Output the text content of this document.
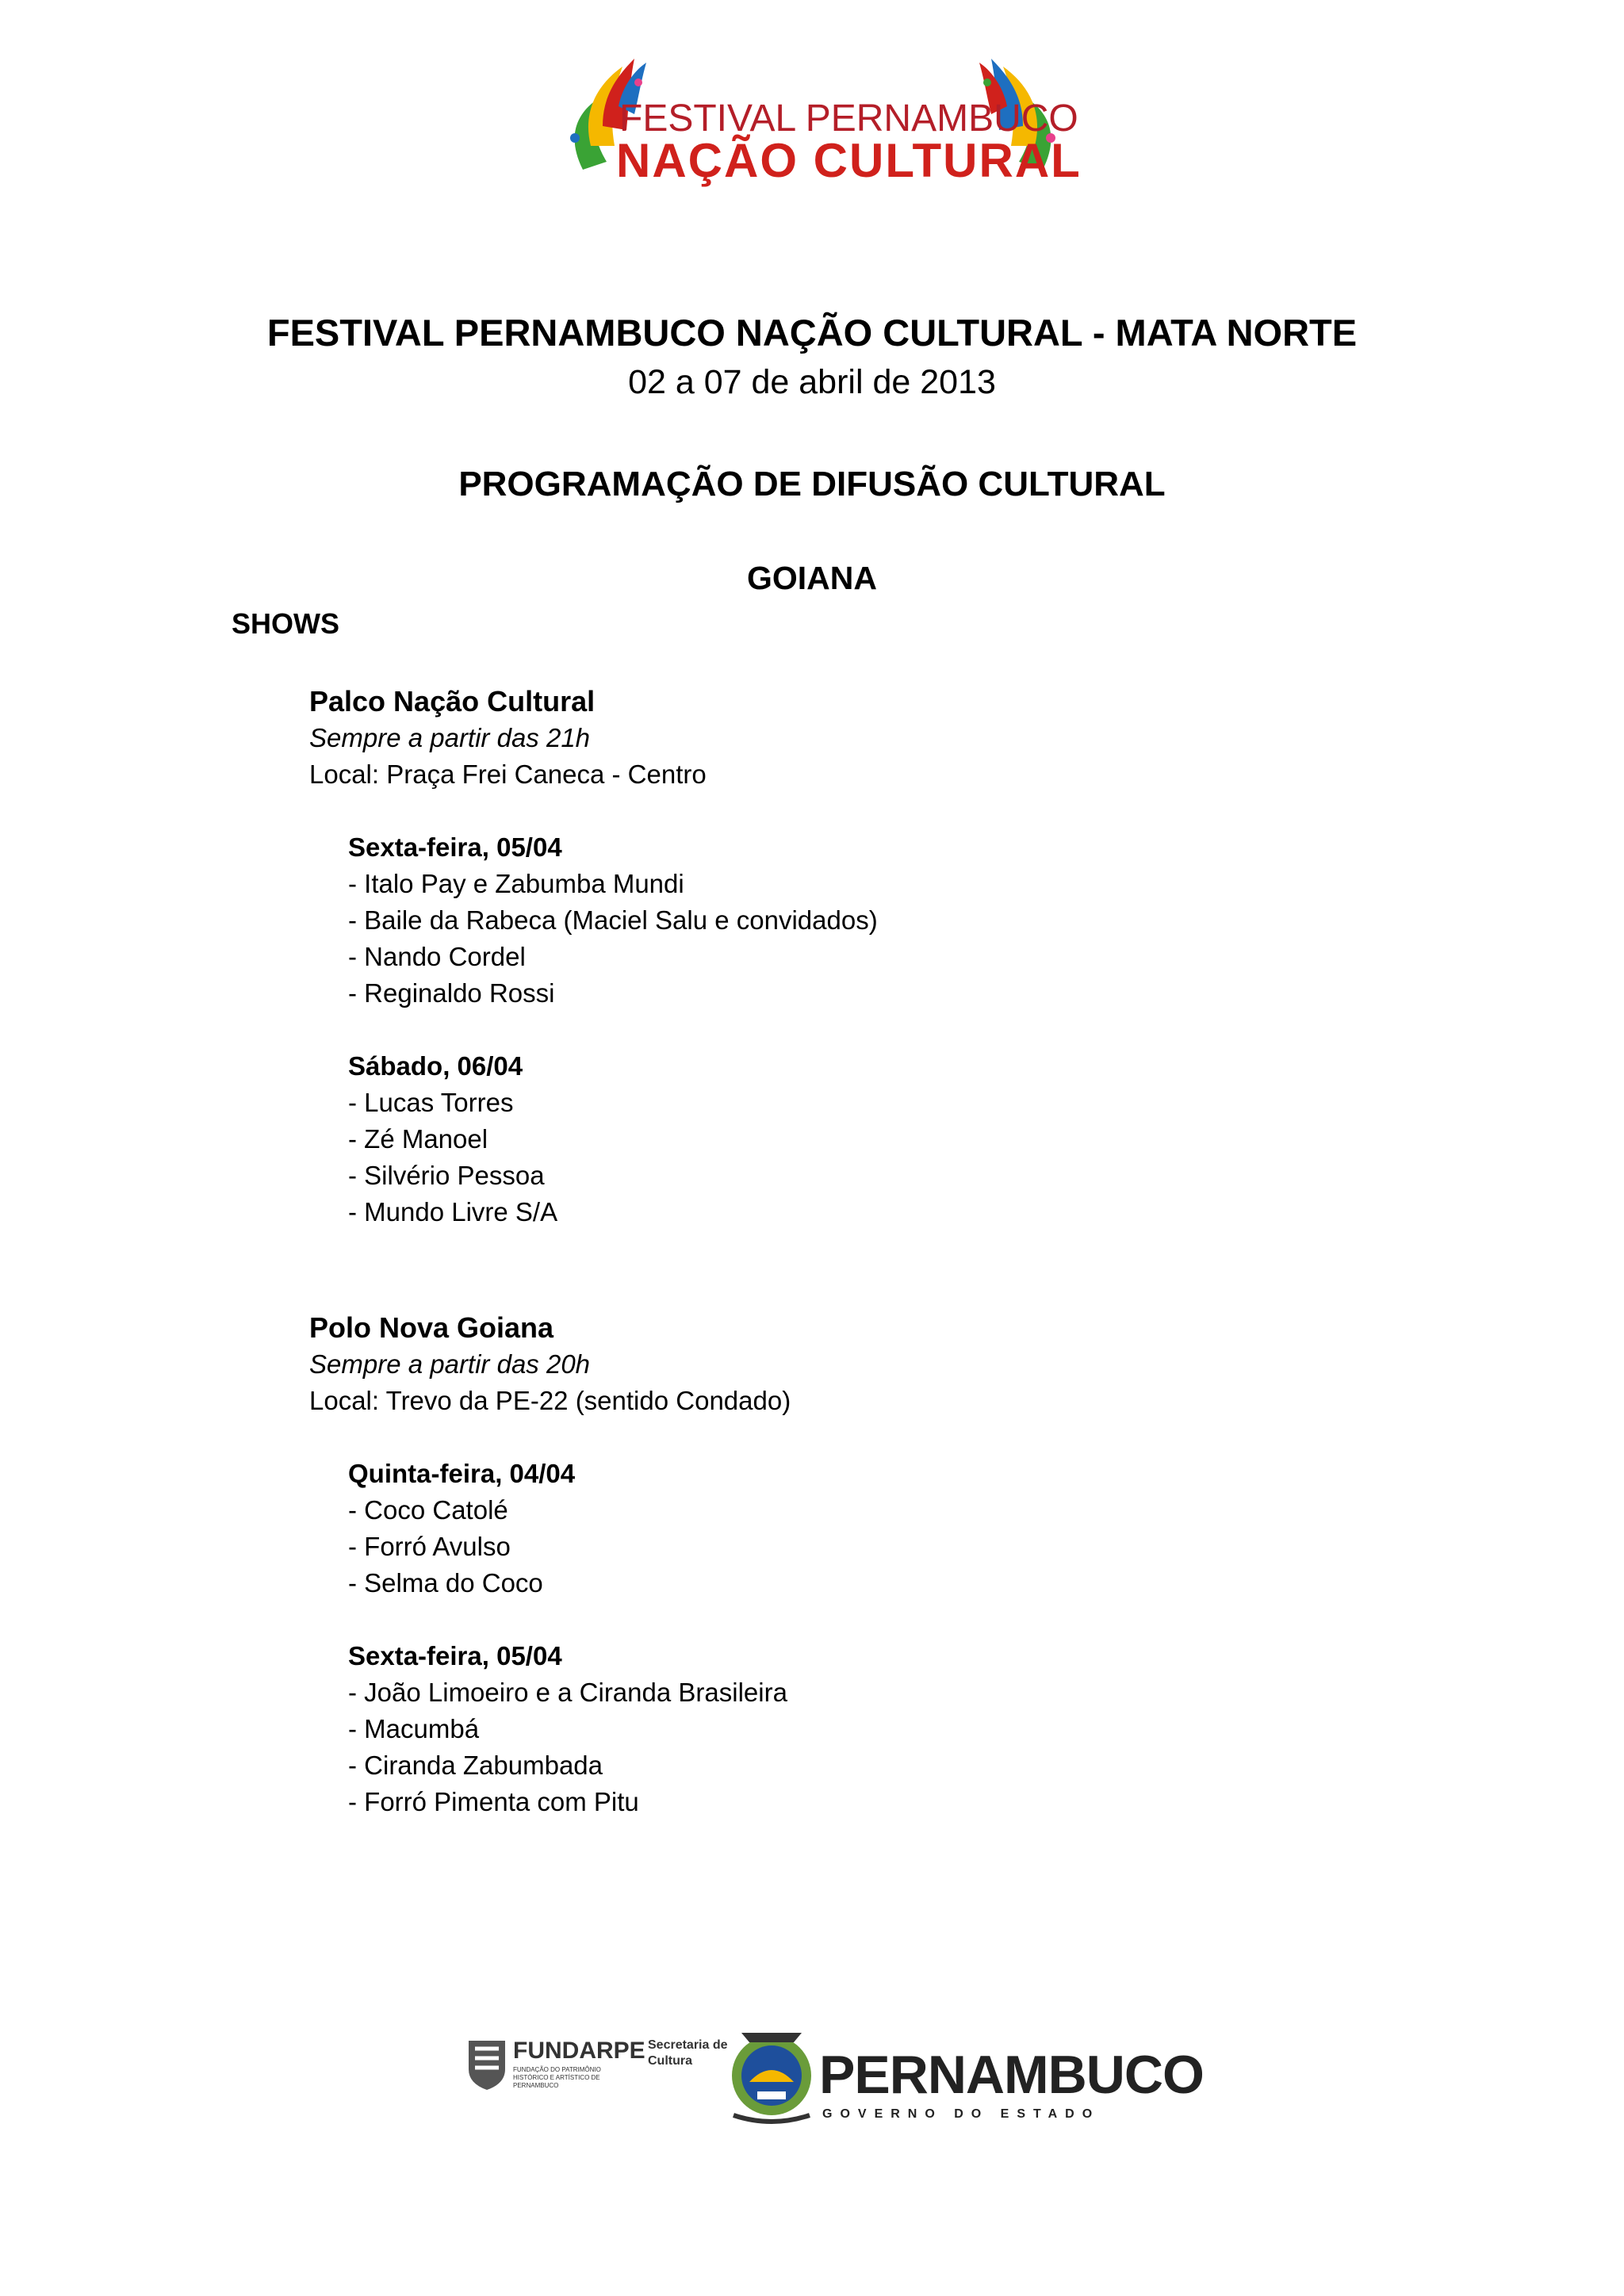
FESTIVAL PERNAMBUCO
NAÇÃO CULTURAL
FESTIVAL PERNAMBUCO NAÇÃO CULTURAL - MATA NORTE
02 a 07 de abril de 2013
PROGRAMAÇÃO DE DIFUSÃO CULTURAL
GOIANA
SHOWS
Palco Nação Cultural
Sempre a partir das 21h
Local: Praça Frei Caneca - Centro
Sexta-feira, 05/04
- Italo Pay e Zabumba Mundi
- Baile da Rabeca (Maciel Salu e convidados)
- Nando Cordel
- Reginaldo Rossi
Sábado, 06/04
- Lucas Torres
- Zé Manoel
- Silvério Pessoa
- Mundo Livre S/A
Polo Nova Goiana
Sempre a partir das 20h
Local: Trevo da PE-22 (sentido Condado)
Quinta-feira, 04/04
- Coco Catolé
- Forró Avulso
- Selma do Coco
Sexta-feira, 05/04
- João Limoeiro e a Ciranda Brasileira
- Macumbá
- Ciranda Zabumbada
- Forró Pimenta com Pitu
FUNDARPE
FUNDAÇÃO DO PATRIMÔNIO HISTÓRICO E ARTÍSTICO DE PERNAMBUCO
Secretaria de Cultura	PERNAMBUCO
GOVERNO DO ESTADO
